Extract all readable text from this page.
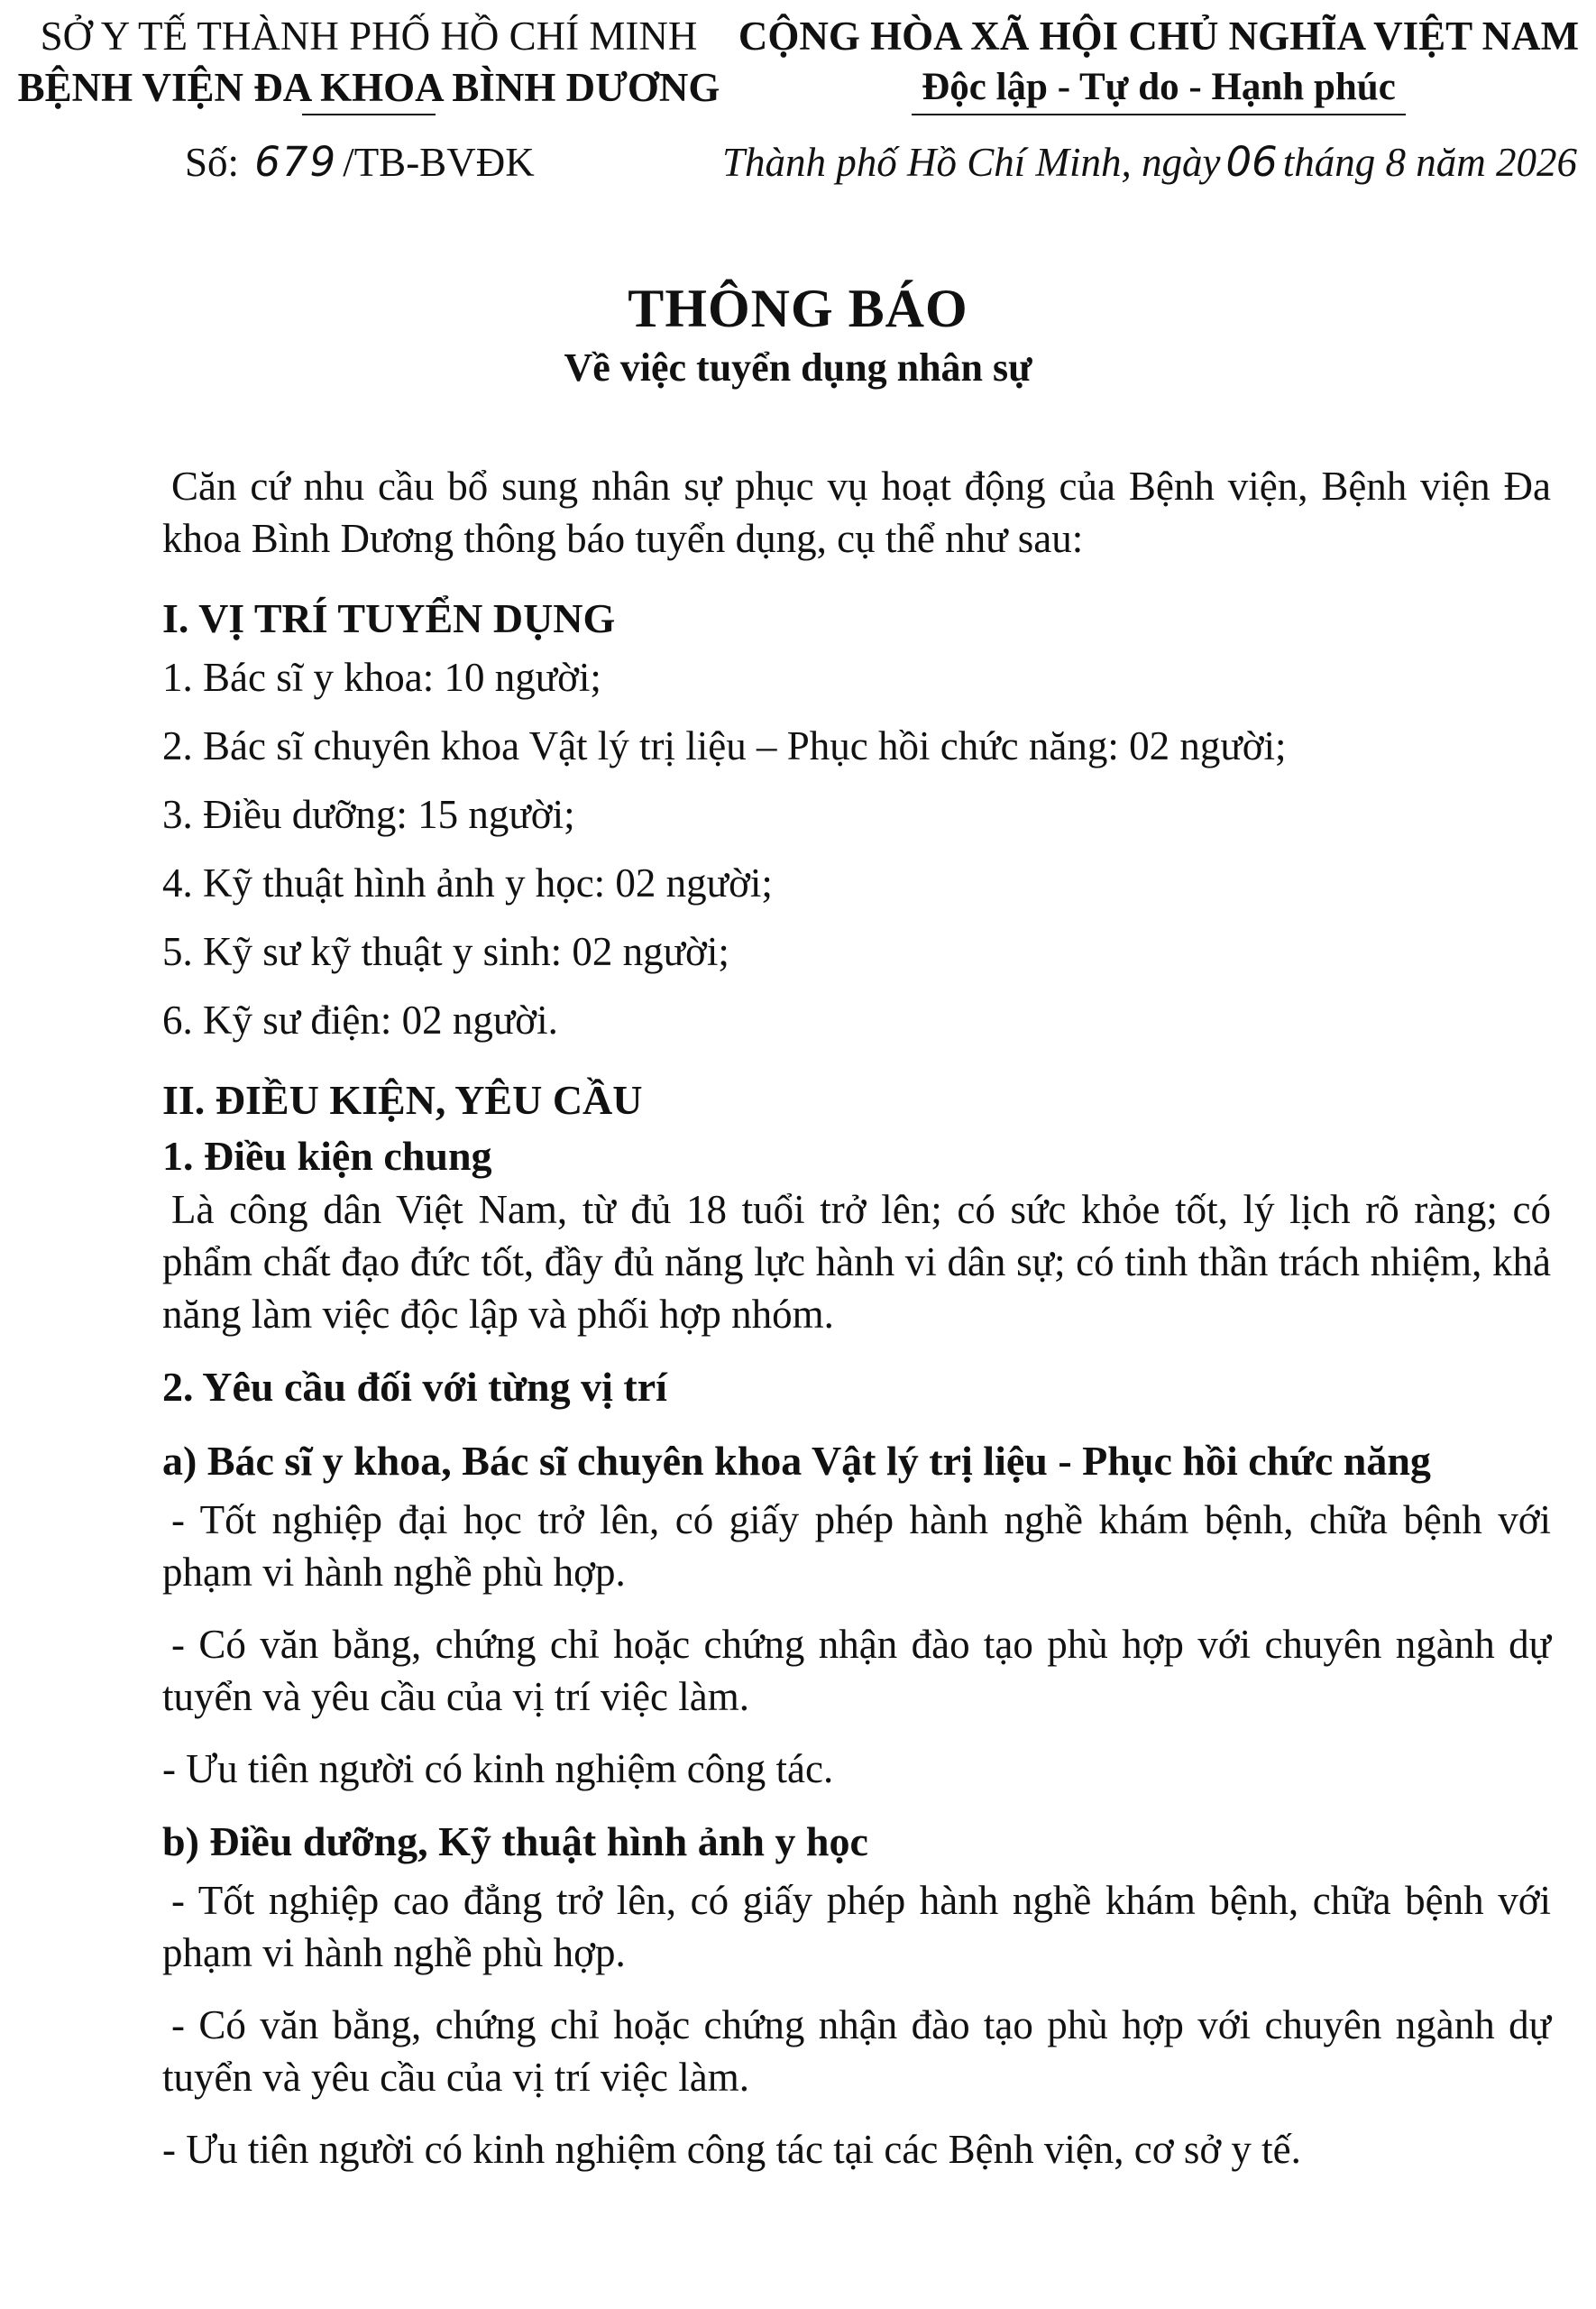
SỞ Y TẾ THÀNH PHỐ HỒ CHÍ MINH
BỆNH VIỆN ĐA KHOA BÌNH DƯƠNG
CỘNG HÒA XÃ HỘI CHỦ NGHĨA VIỆT NAM
Độc lập - Tự do - Hạnh phúc
Số: 679 /TB-BVĐK	Thành phố Hồ Chí Minh, ngày 06 tháng 8 năm 2026
THÔNG BÁO
Về việc tuyển dụng nhân sự

Căn cứ nhu cầu bổ sung nhân sự phục vụ hoạt động của Bệnh viện, Bệnh viện Đa khoa Bình Dương thông báo tuyển dụng, cụ thể như sau:

I. VỊ TRÍ TUYỂN DỤNG

1. Bác sĩ y khoa: 10 người;

2. Bác sĩ chuyên khoa Vật lý trị liệu – Phục hồi chức năng: 02 người;

3. Điều dưỡng: 15 người;

4. Kỹ thuật hình ảnh y học: 02 người;

5. Kỹ sư kỹ thuật y sinh: 02 người;

6. Kỹ sư điện: 02 người.

II. ĐIỀU KIỆN, YÊU CẦU

1. Điều kiện chung

Là công dân Việt Nam, từ đủ 18 tuổi trở lên; có sức khỏe tốt, lý lịch rõ ràng; có phẩm chất đạo đức tốt, đầy đủ năng lực hành vi dân sự; có tinh thần trách nhiệm, khả năng làm việc độc lập và phối hợp nhóm.

2. Yêu cầu đối với từng vị trí

a) Bác sĩ y khoa, Bác sĩ chuyên khoa Vật lý trị liệu - Phục hồi chức năng

- Tốt nghiệp đại học trở lên, có giấy phép hành nghề khám bệnh, chữa bệnh với phạm vi hành nghề phù hợp.

- Có văn bằng, chứng chỉ hoặc chứng nhận đào tạo phù hợp với chuyên ngành dự tuyển và yêu cầu của vị trí việc làm.

- Ưu tiên người có kinh nghiệm công tác.

b) Điều dưỡng, Kỹ thuật hình ảnh y học

- Tốt nghiệp cao đẳng trở lên, có giấy phép hành nghề khám bệnh, chữa bệnh với phạm vi hành nghề phù hợp.

- Có văn bằng, chứng chỉ hoặc chứng nhận đào tạo phù hợp với chuyên ngành dự tuyển và yêu cầu của vị trí việc làm.

- Ưu tiên người có kinh nghiệm công tác tại các Bệnh viện, cơ sở y tế.
